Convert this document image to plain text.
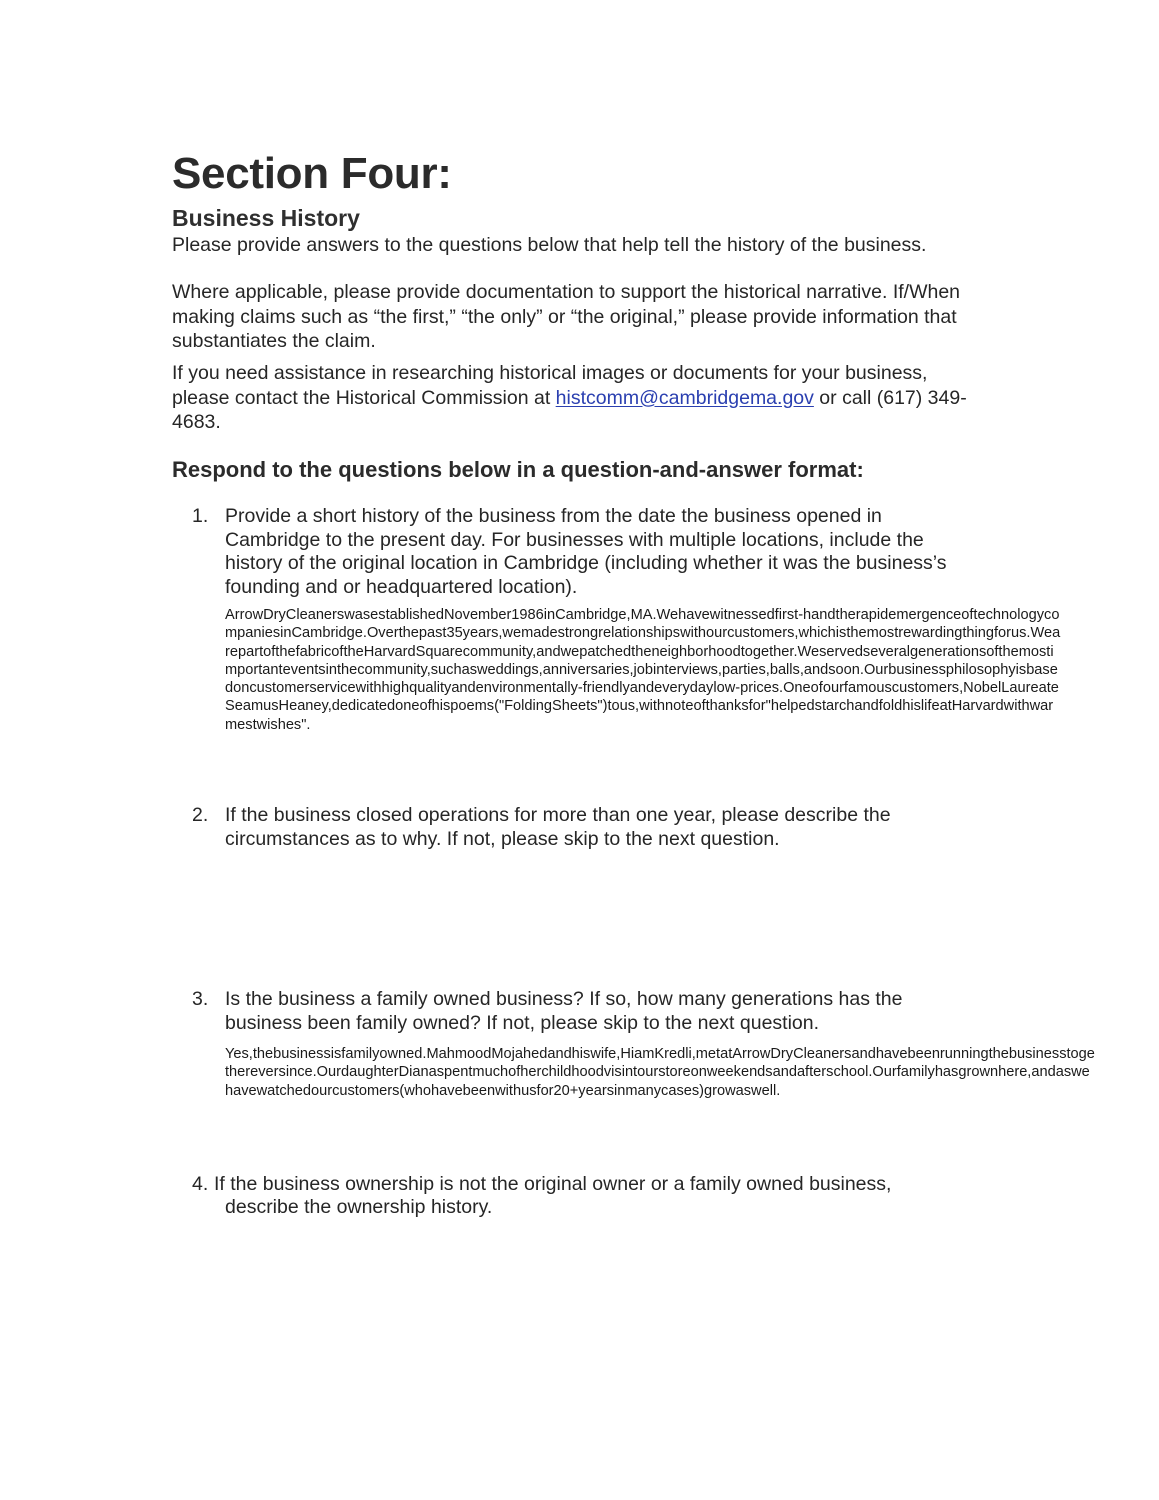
Section Four:
Business History
Please provide answers to the questions below that help tell the history of the business.
Where applicable, please provide documentation to support the historical narrative. If/When making claims such as “the first,” “the only” or “the original,” please provide information that substantiates the claim.
If you need assistance in researching historical images or documents for your business, please contact the Historical Commission at histcomm@cambridgema.gov or call (617) 349-4683.
Respond to the questions below in a question-and-answer format:
1. Provide a short history of the business from the date the business opened in Cambridge to the present day. For businesses with multiple locations, include the history of the original location in Cambridge (including whether it was the business’s founding and or headquartered location).
ArrowDryCleanerswasestablishedNovember1986inCambridge,MA.Wehavewitnessedfirst-handtherapidemergenceoftechnologycompaniesinCambridge.Overthepast35years,wemadestrongrelationshipswithourcustomers,whichisthemostrewardingthingforus.WearepartofthefabricoftheHarvardSquarecommunity,andwepatchedtheneighborhoodtogether.Weservedseveralgenerationsofthemostimportanteventsinthecommunity,suchasweddings,anniversaries,jobinterviews,parties,balls,andsoon.Ourbusinessphilosophyisbasedoncustomerservicewithhighqualityandenvironmentally-friendlyandeverydaylow-prices.Oneofourfamouscustomers,NobelLaureateSeamusHeaney,dedicatedoneofhispoems("FoldingSheets")tous,withnoteofthanksfor"helpedstarchandfoldhislifeatHarvardwithwarmestwishes".
2. If the business closed operations for more than one year, please describe the circumstances as to why. If not, please skip to the next question.
3. Is the business a family owned business? If so, how many generations has the business been family owned? If not, please skip to the next question.
Yes,thebusinessisfamilyowned.MahmoodMojahedandhiswife,HiamKredli,metatArrowDryCleanersandhavebeenrunningthebusinesstogethereversince.OurdaughterDianaspentmuchofherchildhoodvisintourstoreonweekendsandafterschool.Ourfamilyhasgrownhere,andaswehavewatchedourcustomers(whohavebeenwithusfor20+yearsinmanycases)growaswell.
4. If the business ownership is not the original owner or a family owned business,
describe the ownership history.
